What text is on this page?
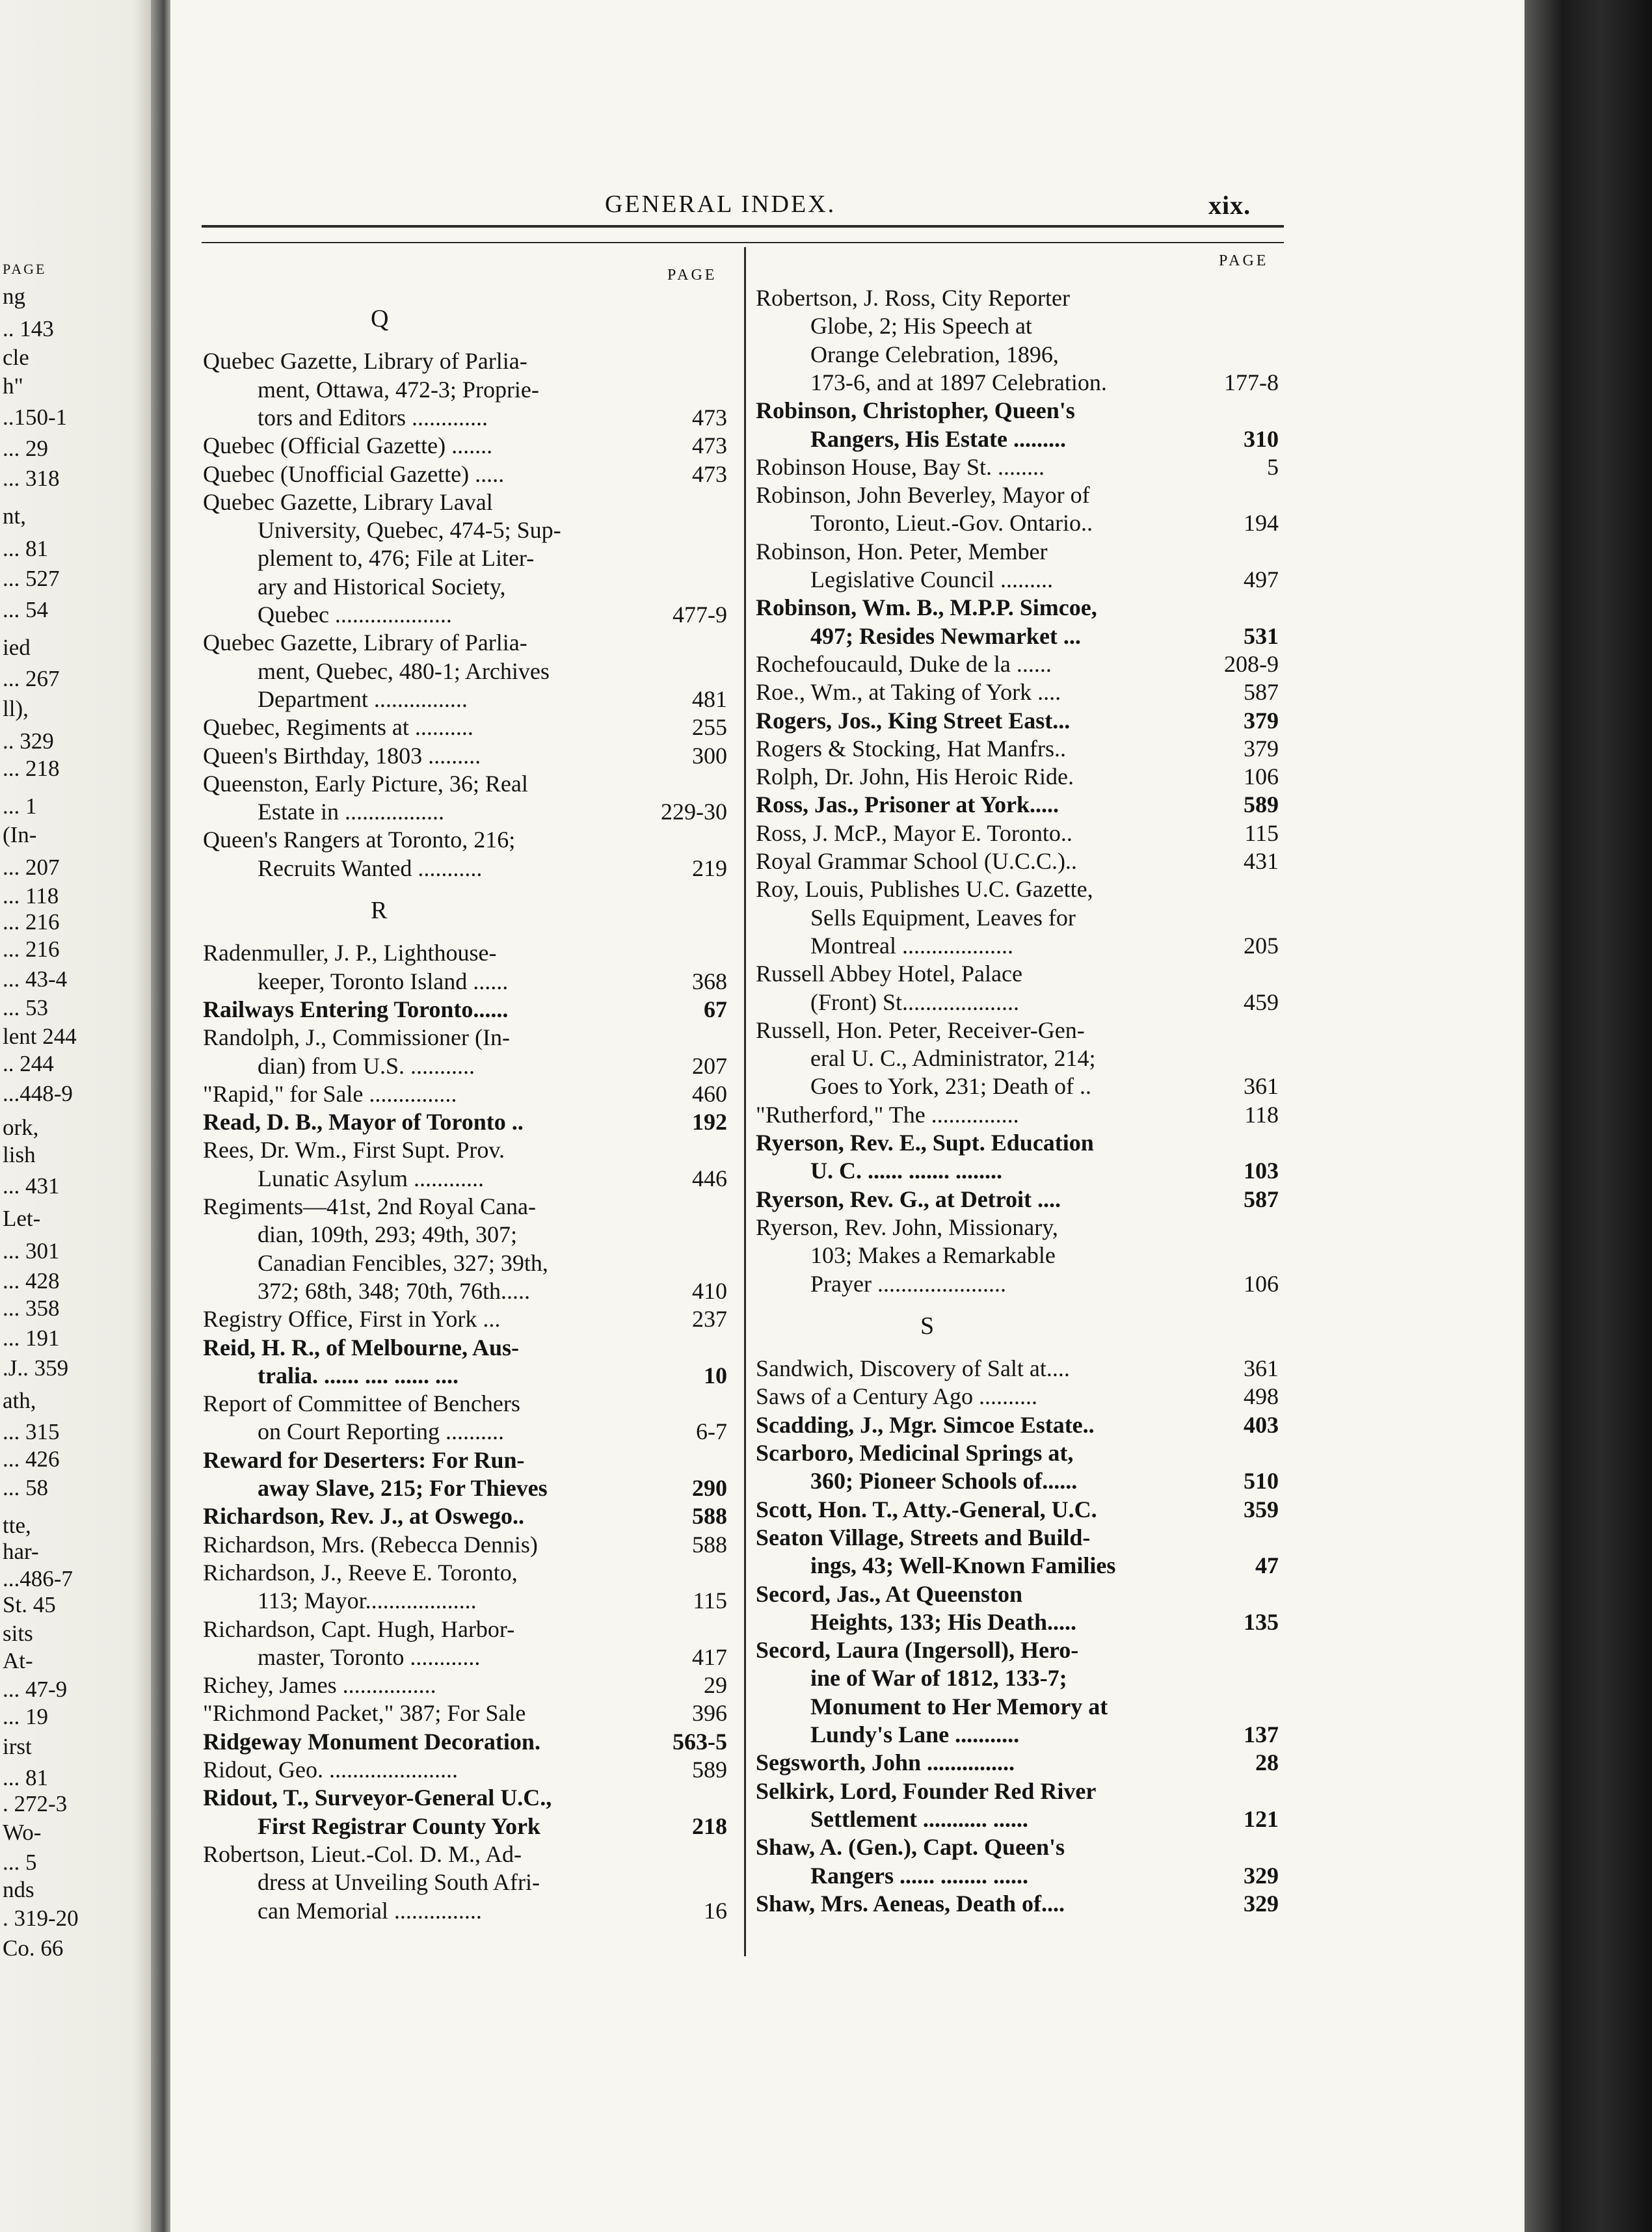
PAGE
ng
.. 143
cle
h"
..150-1
... 29
... 318
nt,
... 81
... 527
... 54
ied
... 267
ll),
.. 329
... 218
... 1
(In-
... 207
... 118
... 216
... 216
... 43-4
... 53
lent 244
.. 244
...448-9
ork,
lish
... 431
Let-
... 301
... 428
... 358
... 191
.J.. 359
ath,
... 315
... 426
... 58
tte,
har-
...486-7
St. 45
sits
At-
... 47-9
... 19
irst
... 81
. 272-3
Wo-
... 5
nds
. 319-20
Co. 66
GENERAL INDEX.	xix.
PAGE
Q
Quebec Gazette, Library of Parlia-
ment, Ottawa, 472-3; Proprie-
tors and Editors .............	473
Quebec (Official Gazette) .......	473
Quebec (Unofficial Gazette) .....	473
Quebec Gazette, Library Laval
University, Quebec, 474-5; Sup-
plement to, 476; File at Liter-
ary and Historical Society,
Quebec ....................	477-9
Quebec Gazette, Library of Parlia-
ment, Quebec, 480-1; Archives
Department ................	481
Quebec, Regiments at ..........	255
Queen's Birthday, 1803 .........	300
Queenston, Early Picture, 36; Real
Estate in .................	229-30
Queen's Rangers at Toronto, 216;
Recruits Wanted ...........	219
R
Radenmuller, J. P., Lighthouse-
keeper, Toronto Island ......	368
Railways Entering Toronto......	67
Randolph, J., Commissioner (In-
dian) from U.S. ...........	207
"Rapid," for Sale ...............	460
Read, D. B., Mayor of Toronto ..	192
Rees, Dr. Wm., First Supt. Prov.
Lunatic Asylum ............	446
Regiments—41st, 2nd Royal Cana-
dian, 109th, 293; 49th, 307;
Canadian Fencibles, 327; 39th,
372; 68th, 348; 70th, 76th.....	410
Registry Office, First in York ...	237
Reid, H. R., of Melbourne, Aus-
tralia. ...... .... ...... ....	10
Report of Committee of Benchers
on Court Reporting ..........	6-7
Reward for Deserters: For Run-
away Slave, 215; For Thieves	290
Richardson, Rev. J., at Oswego..	588
Richardson, Mrs. (Rebecca Dennis)	588
Richardson, J., Reeve E. Toronto,
113; Mayor...................	115
Richardson, Capt. Hugh, Harbor-
master, Toronto ............	417
Richey, James ................	29
"Richmond Packet," 387; For Sale	396
Ridgeway Monument Decoration.	563-5
Ridout, Geo. ......................	589
Ridout, T., Surveyor-General U.C.,
First Registrar County York	218
Robertson, Lieut.-Col. D. M., Ad-
dress at Unveiling South Afri-
can Memorial ...............	16
PAGE
Robertson, J. Ross, City Reporter
Globe, 2; His Speech at
Orange Celebration, 1896,
173-6, and at 1897 Celebration.	177-8
Robinson, Christopher, Queen's
Rangers, His Estate .........	310
Robinson House, Bay St. ........	5
Robinson, John Beverley, Mayor of
Toronto, Lieut.-Gov. Ontario..	194
Robinson, Hon. Peter, Member
Legislative Council .........	497
Robinson, Wm. B., M.P.P. Simcoe,
497; Resides Newmarket ...	531
Rochefoucauld, Duke de la ......	208-9
Roe., Wm., at Taking of York ....	587
Rogers, Jos., King Street East...	379
Rogers & Stocking, Hat Manfrs..	379
Rolph, Dr. John, His Heroic Ride.	106
Ross, Jas., Prisoner at York.....	589
Ross, J. McP., Mayor E. Toronto..	115
Royal Grammar School (U.C.C.)..	431
Roy, Louis, Publishes U.C. Gazette,
Sells Equipment, Leaves for
Montreal ...................	205
Russell Abbey Hotel, Palace
(Front) St....................	459
Russell, Hon. Peter, Receiver-Gen-
eral U. C., Administrator, 214;
Goes to York, 231; Death of ..	361
"Rutherford," The ...............	118
Ryerson, Rev. E., Supt. Education
U. C. ...... ....... ........	103
Ryerson, Rev. G., at Detroit ....	587
Ryerson, Rev. John, Missionary,
103; Makes a Remarkable
Prayer ......................	106
S
Sandwich, Discovery of Salt at....	361
Saws of a Century Ago ..........	498
Scadding, J., Mgr. Simcoe Estate..	403
Scarboro, Medicinal Springs at,
360; Pioneer Schools of......	510
Scott, Hon. T., Atty.-General, U.C.	359
Seaton Village, Streets and Build-
ings, 43; Well-Known Families	47
Secord, Jas., At Queenston
Heights, 133; His Death.....	135
Secord, Laura (Ingersoll), Hero-
ine of War of 1812, 133-7;
Monument to Her Memory at
Lundy's Lane ...........	137
Segsworth, John ...............	28
Selkirk, Lord, Founder Red River
Settlement ........... ......	121
Shaw, A. (Gen.), Capt. Queen's
Rangers ...... ........ ......	329
Shaw, Mrs. Aeneas, Death of....	329
